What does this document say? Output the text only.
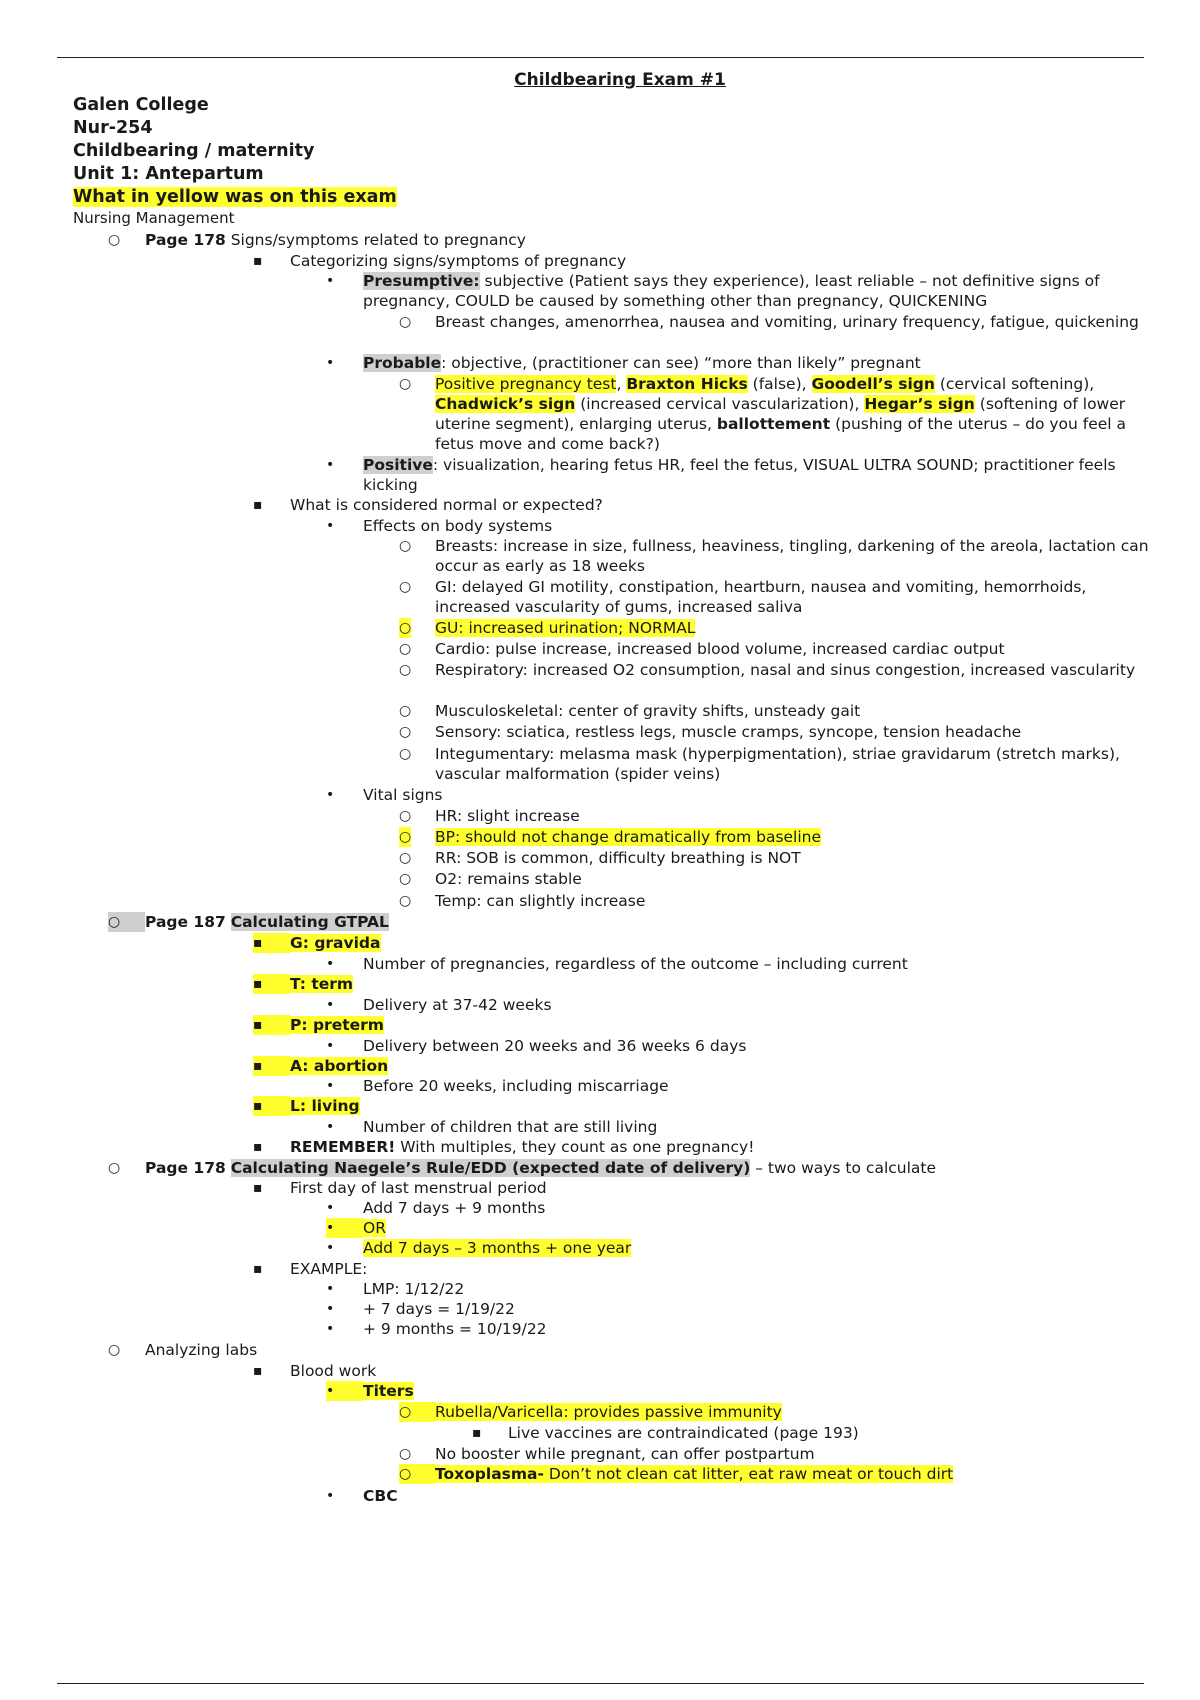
Childbearing Exam #1
Galen College
Nur-254
Childbearing / maternity
Unit 1: Antepartum
What in yellow was on this exam
Nursing Management
○ Page 178 Signs/symptoms related to pregnancy
▪ Categorizing signs/symptoms of pregnancy
• Presumptive: subjective (Patient says they experience), least reliable – not definitive signs of pregnancy, COULD be caused by something other than pregnancy, QUICKENING
○ Breast changes, amenorrhea, nausea and vomiting, urinary frequency, fatigue, quickening
• Probable: objective, (practitioner can see) “more than likely” pregnant
○ Positive pregnancy test, Braxton Hicks (false), Goodell’s sign (cervical softening), Chadwick’s sign (increased cervical vascularization), Hegar’s sign (softening of lower uterine segment), enlarging uterus, ballottement (pushing of the uterus – do you feel a fetus move and come back?)
• Positive: visualization, hearing fetus HR, feel the fetus, VISUAL ULTRA SOUND; practitioner feels kicking
▪ What is considered normal or expected?
• Effects on body systems
○ Breasts: increase in size, fullness, heaviness, tingling, darkening of the areola, lactation can occur as early as 18 weeks
○ GI: delayed GI motility, constipation, heartburn, nausea and vomiting, hemorrhoids, increased vascularity of gums, increased saliva
○ GU: increased urination; NORMAL
○ Cardio: pulse increase, increased blood volume, increased cardiac output
○ Respiratory: increased O2 consumption, nasal and sinus congestion, increased vascularity
○ Musculoskeletal: center of gravity shifts, unsteady gait
○ Sensory: sciatica, restless legs, muscle cramps, syncope, tension headache
○ Integumentary: melasma mask (hyperpigmentation), striae gravidarum (stretch marks), vascular malformation (spider veins)
• Vital signs
○ HR: slight increase
○ BP: should not change dramatically from baseline
○ RR: SOB is common, difficulty breathing is NOT
○ O2: remains stable
○ Temp: can slightly increase
○	Page 187 Calculating GTPAL
▪	G: gravida
• Number of pregnancies, regardless of the outcome – including current
▪	T: term
• Delivery at 37-42 weeks
▪	P: preterm
• Delivery between 20 weeks and 36 weeks 6 days
▪	A: abortion
• Before 20 weeks, including miscarriage
▪	L: living
• Number of children that are still living
▪ REMEMBER! With multiples, they count as one pregnancy!
○ Page 178 Calculating Naegele’s Rule/EDD (expected date of delivery) – two ways to calculate
▪ First day of last menstrual period
• Add 7 days + 9 months
•	OR
• Add 7 days – 3 months + one year
▪ EXAMPLE:
• LMP: 1/12/22
• + 7 days = 1/19/22
• + 9 months = 10/19/22
○ Analyzing labs
▪ Blood work
•	Titers
○	Rubella/Varicella: provides passive immunity
▪ Live vaccines are contraindicated (page 193)
○ No booster while pregnant, can offer postpartum
○	Toxoplasma- Don’t not clean cat litter, eat raw meat or touch dirt
• CBC
